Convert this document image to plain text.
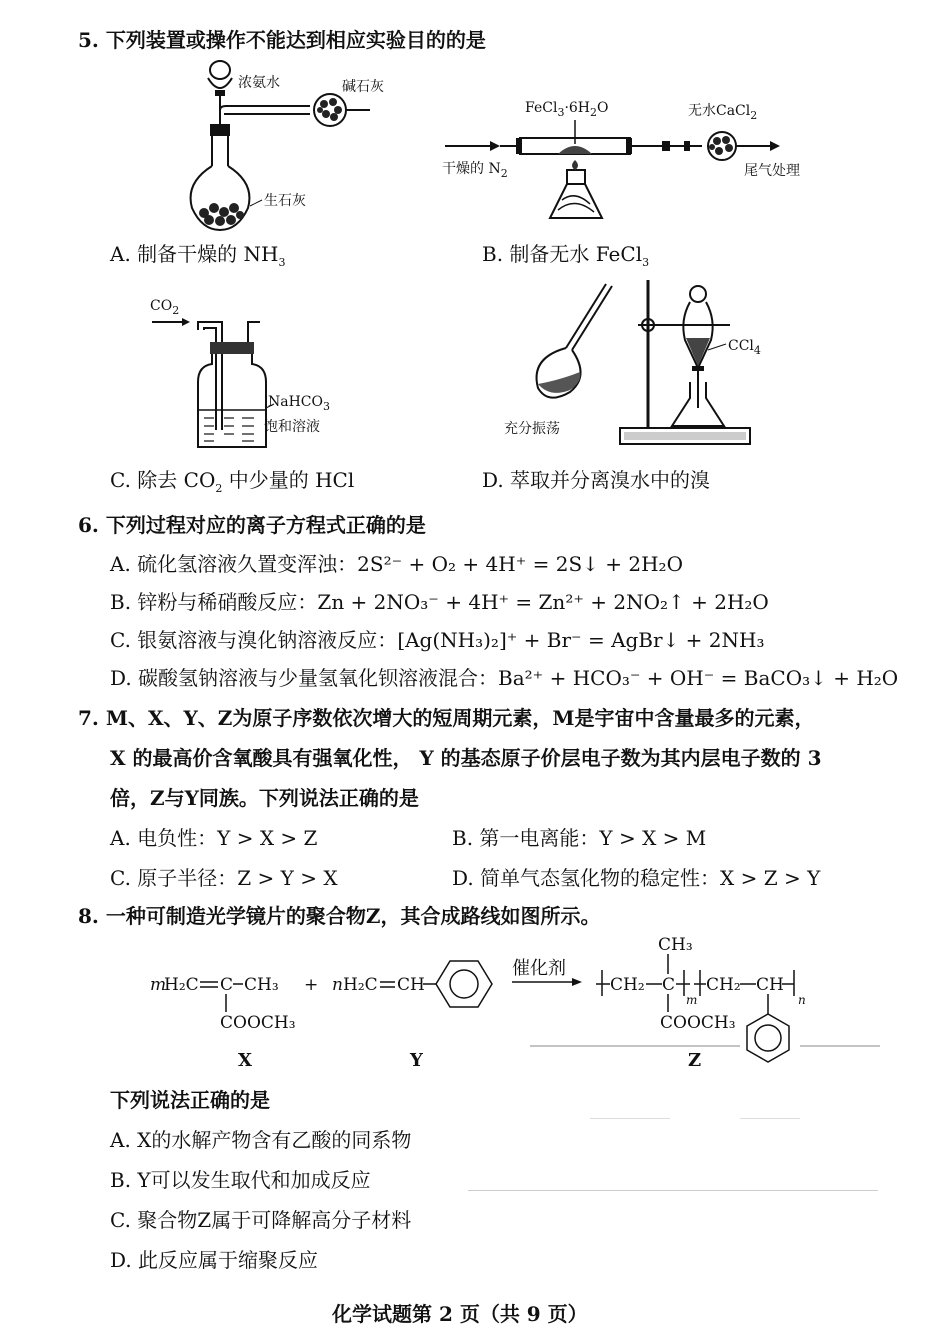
5. 下列装置或操作不能达到相应实验目的的是
浓氨水	碱石灰
生石灰
A. 制备干燥的 $NH_3$
$FeCl_3\cdot 6H_2O$	无水CaCl$_2$
干燥的 $N_2$	尾气处理
B. 制备无水 FeCl$_3$
$CO_2$
NaHCO$_3$
饱和溶液
C. 除去 $CO_2$ 中少量的 HCl
充分振荡
CCl$_4$
D. 萃取并分离溴水中的溴
6. 下列过程对应的离子方程式正确的是
A. 硫化氢溶液久置变浑浊：2S²⁻ + O₂ + 4H⁺ = 2S↓ + 2H₂O
B. 锌粉与稀硝酸反应：Zn + 2NO₃⁻ + 4H⁺ = Zn²⁺ + 2NO₂↑ + 2H₂O
C. 银氨溶液与溴化钠溶液反应：[Ag(NH₃)₂]⁺ + Br⁻ = AgBr↓ + 2NH₃
D. 碳酸氢钠溶液与少量氢氧化钡溶液混合：Ba²⁺ + HCO₃⁻ + OH⁻ = BaCO₃↓ + H₂O
7. M、X、Y、Z为原子序数依次增大的短周期元素，M是宇宙中含量最多的元素，
X 的最高价含氧酸具有强氧化性， Y 的基态原子价层电子数为其内层电子数的 3
倍，Z与Y同族。下列说法正确的是
A. 电负性：Y > X > Z	B. 第一电离能：Y > X > M
C. 原子半径：Z > Y > X	D. 简单气态氢化物的稳定性：X > Z > Y
8. 一种可制造光学镜片的聚合物Z，其合成路线如图所示。
m
H₂C C CH₃
COOCH₃
+ n H₂C CH	CH₂ C
CH₃
m
COOCH₃
CH₂ CH
n
催化剂
X	Y	Z
下列说法正确的是
A. X的水解产物含有乙酸的同系物
B. Y可以发生取代和加成反应
C. 聚合物Z属于可降解高分子材料
D. 此反应属于缩聚反应
化学试题第 2 页（共 9 页）
